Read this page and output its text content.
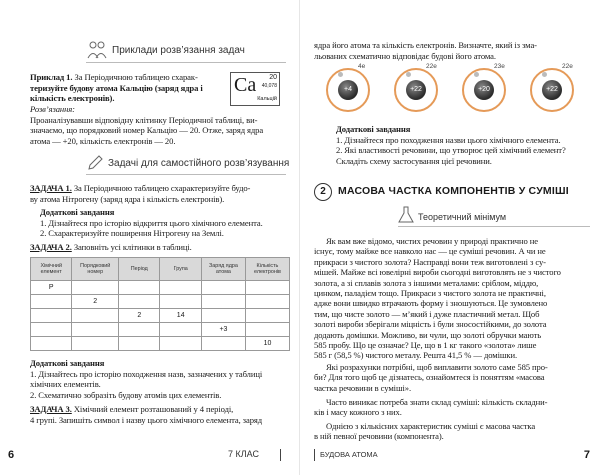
Приклади розв’язання задач
Приклад 1. За Періодичною таблицею схарак-
теризуйте будову атома Кальцію (заряд ядра і
кількість електронів).
Ca 20
40,078
Кальцій
Розв’язання:
Проаналізувавши відповідну клітинку Періодичної таблиці, ви-
значаємо, що порядковий номер Кальцію — 20. Отже, заряд ядра
атома — +20, кількість електронів — 20.
Задачі для самостійного розв’язування
ЗАДАЧА 1. За Періодичною таблицею схарактеризуйте будо-
ву атома Нітрогену (заряд ядра і кількість електронів).
Додаткові завдання
1. Дізнайтеся про історію відкриття цього хімічного елемента.
2. Схарактеризуйте поширення Нітрогену на Землі.
ЗАДАЧА 2. Заповніть усі клітинки в таблиці.
Хімічний елемент	Порядковий номер	Період	Група	Заряд ядра атома	Кількість електронів
P					
	2				
		2	14		
				+3	
					10
Додаткові завдання
1. Дізнайтесь про історію походження назв, зазначених у таблиці
хімічних елементів.
2. Схематично зобразіть будову атомів цих елементів.
ЗАДАЧА 3. Хімічний елемент розташований у 4 періоді,
4 групі. Запишіть символ і назву цього хімічного елемента, заряд
6	7 КЛАС
ядра його атома та кількість електронів. Визначте, який із зма-
льованих схематично відповідає будові його атома.
4e
+4
22e
+22
23e
+20
22e
+22
Додаткові завдання
1. Дізнайтеся про походження назви цього хімічного елемента.
2. Які властивості речовини, що утворює цей хімічний елемент?
Складіть схему застосування цієї речовини.
2	МАСОВА ЧАСТКА КОМПОНЕНТІВ У СУМІШІ
Теоретичний мінімум
Як вам вже відомо, чистих речовин у природі практично не
існує, тому майже все навколо нас — це суміші речовин. А чи не
прикраси з чистого золота? Насправді вони теж виготовлені з су-
мішей. Майже всі ювелірні вироби сьогодні виготовлять не з чистого
золота, а зі сплавів золота з іншими металами: сріблом, міддю,
цинком, паладієм тощо. Прикраси з чистого золота не практичні,
адже вони швидко втрачають форму і зношуються. Це зумовлено
тим, що чисте золото — м’який і дуже пластичний метал. Щоб
золоті вироби зберігали міцність і були зносостійкими, до золота
додають домішки. Можливо, ви чули, що золоті обручки мають
585 пробу. Що це означає? Це, що в 1 кг такого «золота» лише
585 г (58,5 %) чистого металу. Решта 41,5 % — домішки.
Які розрахунки потрібні, щоб виплавити золото саме 585 про-
би? Для того щоб це дізнатесь, ознайомтеся із поняттям «масова
частка речовини в суміші».
Часто виникає потреба знати склад суміші: кількість складни-
ків і масу кожного з них.
Однією з кількісних характеристик суміші є масова частка
в ній певної речовини (компонента).
БУДОВА АТОМА	7
